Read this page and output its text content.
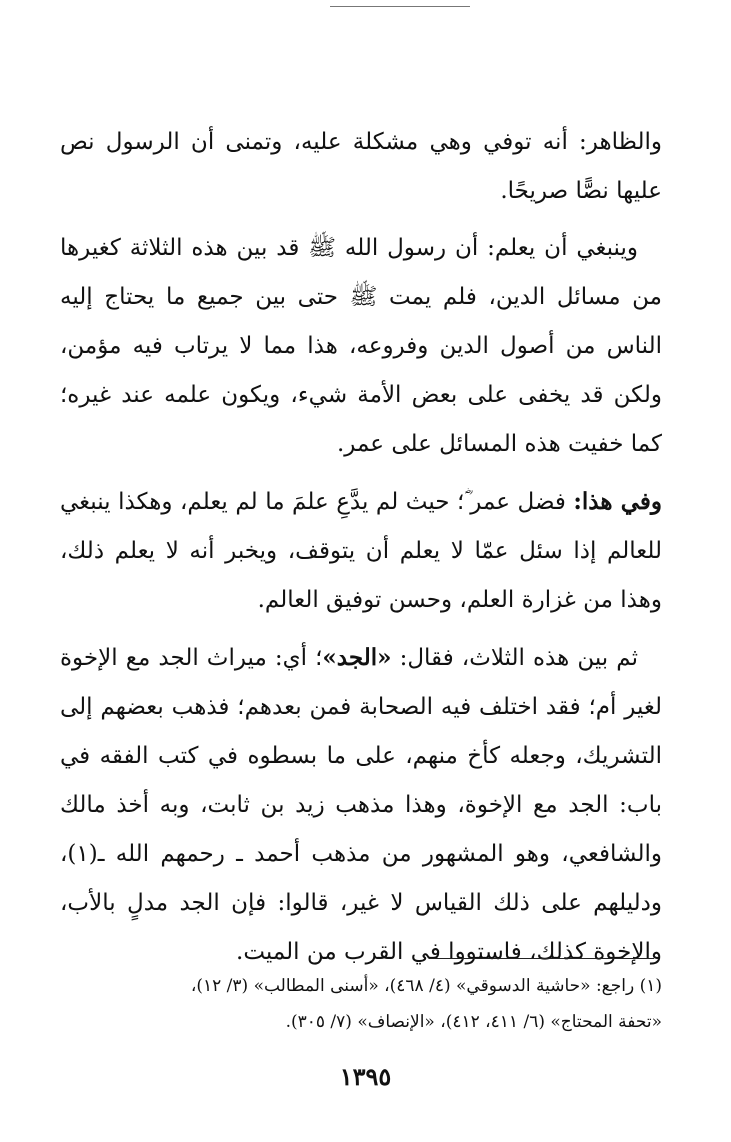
والظاهر: أنه توفي وهي مشكلة عليه، وتمنى أن الرسول نص عليها نصًّا صريحًا.

وينبغي أن يعلم: أن رسول الله ﷺ قد بين هذه الثلاثة كغيرها من مسائل الدين، فلم يمت ﷺ حتى بين جميع ما يحتاج إليه الناس من أصول الدين وفروعه، هذا مما لا يرتاب فيه مؤمن، ولكن قد يخفى على بعض الأمة شيء، ويكون علمه عند غيره؛ كما خفيت هذه المسائل على عمر.

وفي هذا: فضل عمر ؓ؛ حيث لم يدَّعِ علمَ ما لم يعلم، وهكذا ينبغي للعالم إذا سئل عمّا لا يعلم أن يتوقف، ويخبر أنه لا يعلم ذلك، وهذا من غزارة العلم، وحسن توفيق العالم.

ثم بين هذه الثلاث، فقال: «الجد»؛ أي: ميراث الجد مع الإخوة لغير أم؛ فقد اختلف فيه الصحابة فمن بعدهم؛ فذهب بعضهم إلى التشريك، وجعله كأخ منهم، على ما بسطوه في كتب الفقه في باب: الجد مع الإخوة، وهذا مذهب زيد بن ثابت، وبه أخذ مالك والشافعي، وهو المشهور من مذهب أحمد ـ رحمهم الله ـ(١)، ودليلهم على ذلك القياس لا غير، قالوا: فإن الجد مدلٍ بالأب، والإخوة كذلك، فاستووا في القرب من الميت.

(١) راجع: «حاشية الدسوقي» (٤/ ٤٦٨)، «أسنى المطالب» (٣/ ١٢)،
«تحفة المحتاج» (٦/ ٤١١، ٤١٢)، «الإنصاف» (٧/ ٣٠٥).
١٣٩٥
